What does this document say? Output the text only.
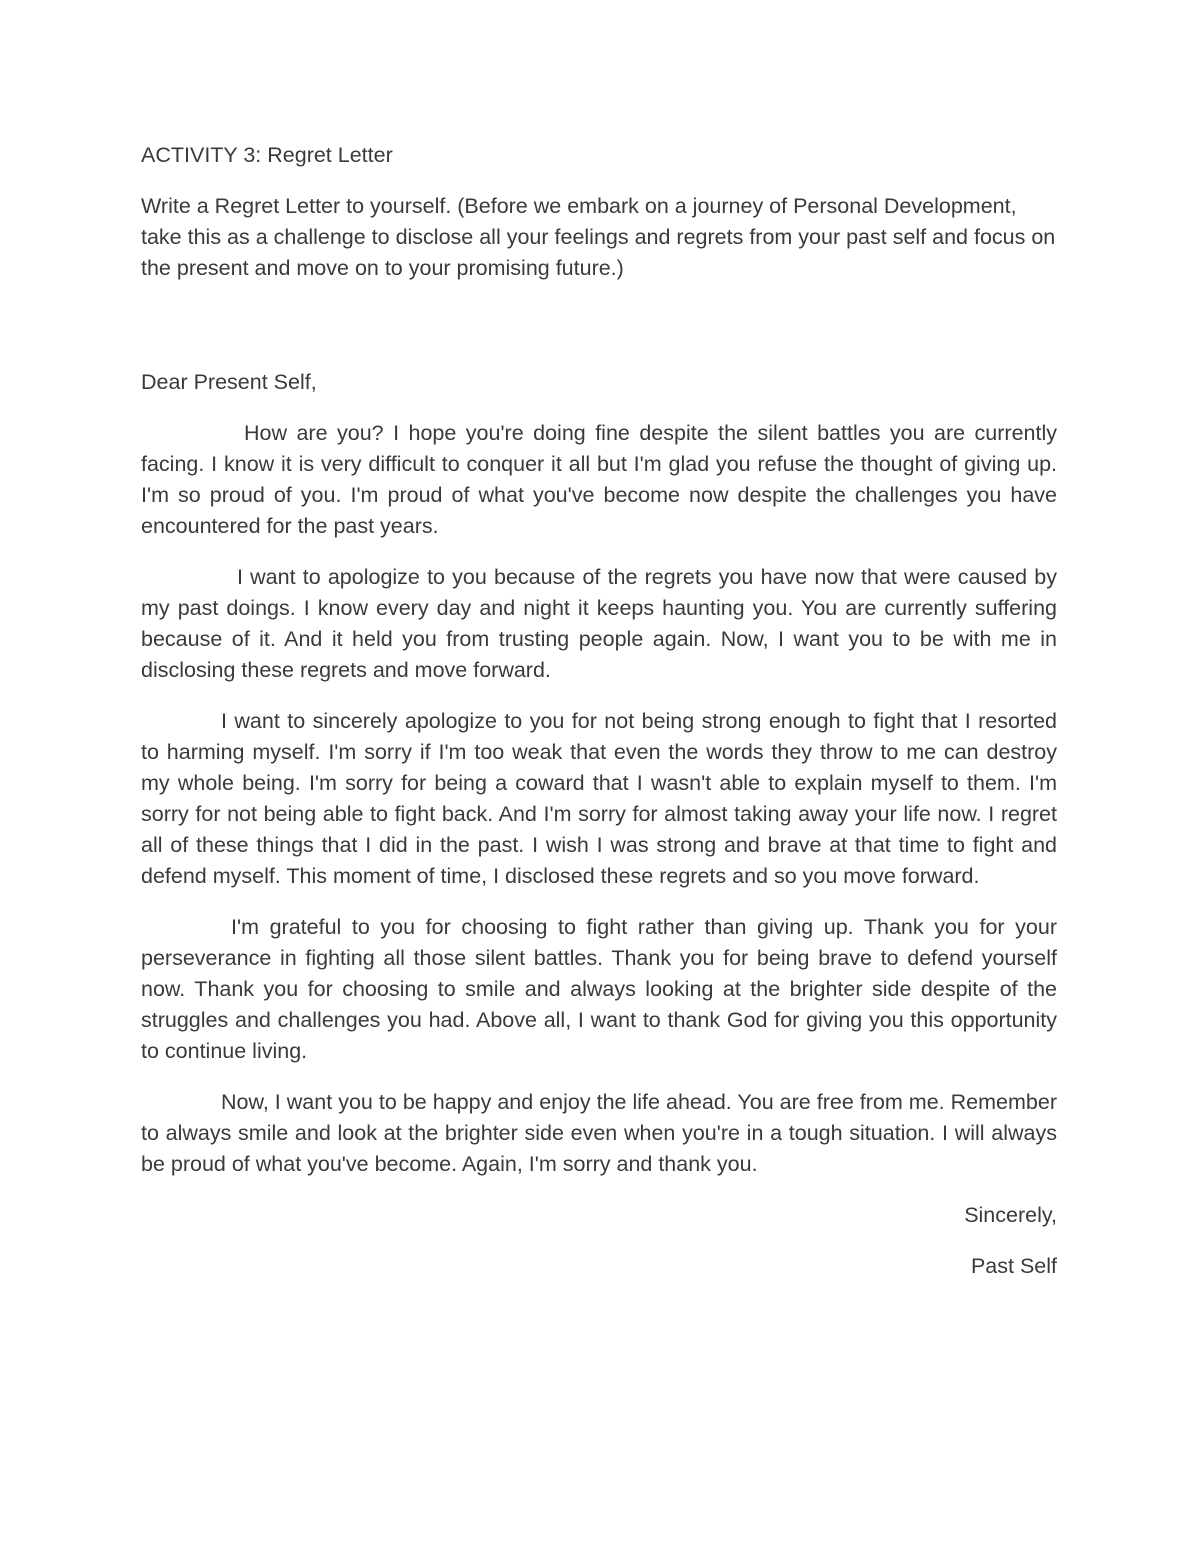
ACTIVITY 3: Regret Letter

Write a Regret Letter to yourself. (Before we embark on a journey of Personal Development, take this as a challenge to disclose all your feelings and regrets from your past self and focus on the present and move on to your promising future.)

Dear Present Self,

How are you? I hope you're doing fine despite the silent battles you are currently facing. I know it is very difficult to conquer it all but I'm glad you refuse the thought of giving up. I'm so proud of you. I'm proud of what you've become now despite the challenges you have encountered for the past years.

I want to apologize to you because of the regrets you have now that were caused by my past doings. I know every day and night it keeps haunting you. You are currently suffering because of it. And it held you from trusting people again. Now, I want you to be with me in disclosing these regrets and move forward.

I want to sincerely apologize to you for not being strong enough to fight that I resorted to harming myself. I'm sorry if I'm too weak that even the words they throw to me can destroy my whole being. I'm sorry for being a coward that I wasn't able to explain myself to them. I'm sorry for not being able to fight back. And I'm sorry for almost taking away your life now. I regret all of these things that I did in the past. I wish I was strong and brave at that time to fight and defend myself. This moment of time, I disclosed these regrets and so you move forward.

I'm grateful to you for choosing to fight rather than giving up. Thank you for your perseverance in fighting all those silent battles. Thank you for being brave to defend yourself now. Thank you for choosing to smile and always looking at the brighter side despite of the struggles and challenges you had. Above all, I want to thank God for giving you this opportunity to continue living.

Now, I want you to be happy and enjoy the life ahead. You are free from me. Remember to always smile and look at the brighter side even when you're in a tough situation. I will always be proud of what you've become. Again, I'm sorry and thank you.

Sincerely,

Past Self
